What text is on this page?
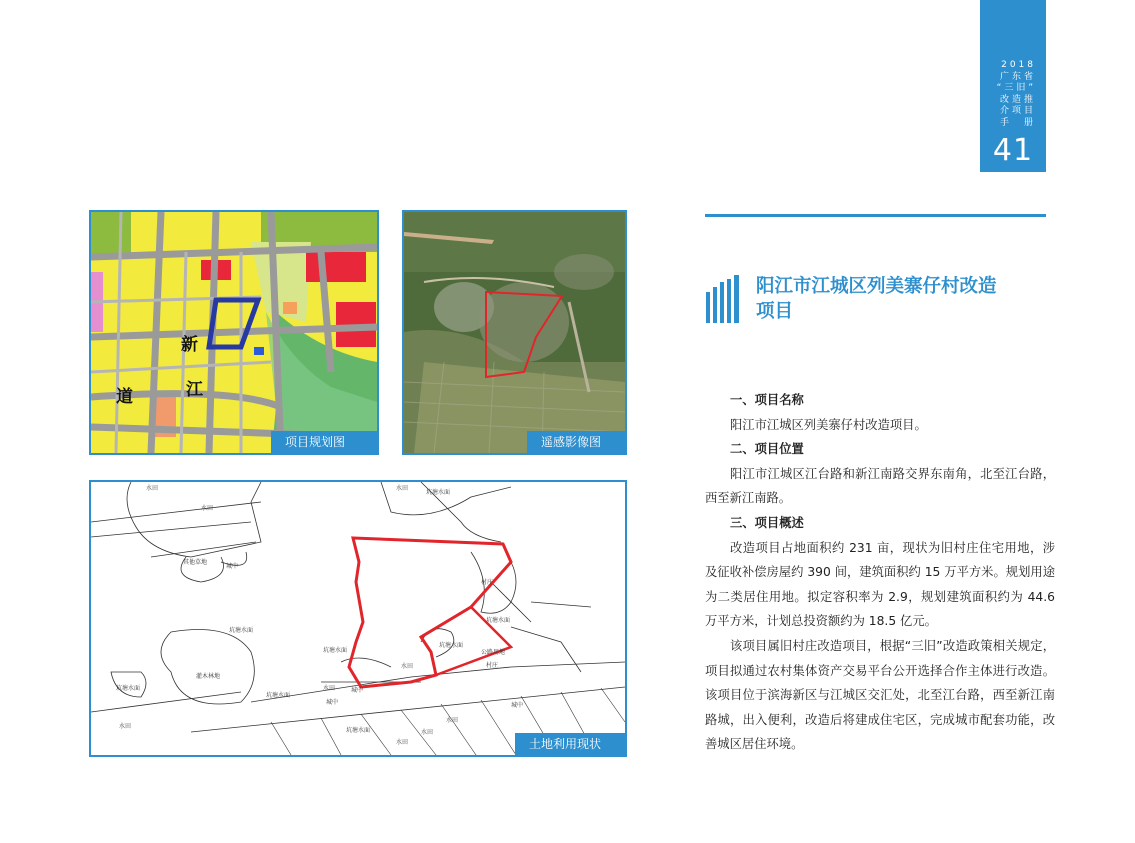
2018
广东省
“三旧”
改造推
介项目
手　册
41
阳江市江城区列美寨仔村改造
项目
一、项目名称
阳江市江城区列美寨仔村改造项目。
二、项目位置
阳江市江城区江台路和新江南路交界东南角，北至江台路，西至新江南路。
三、项目概述
改造项目占地面积约 231 亩，现状为旧村庄住宅用地，涉及征收补偿房屋约 390 间，建筑面积约 15 万平方米。规划用途为二类居住用地。拟定容积率为 2.9，规划建筑面积约为 44.6 万平方米，计划总投资额约为 18.5 亿元。
该项目属旧村庄改造项目，根据“三旧”改造政策相关规定，项目拟通过农村集体资产交易平台公开选择合作主体进行改造。该项目位于滨海新区与江城区交汇处，北至江台路，西至新江南路城，出入便利，改造后将建成住宅区，完成城市配套功能，改善城区居住环境。
新
道	江
项目规划图	遥感影像图
水田
水田
坑塘水面
水田
其他草地
城中
坑塘水面
坑塘水面
坑塘水面
水田
公路用地
村庄
灌木林地
坑塘水面
坑塘水面
水田	城中
城中
坑塘水面
水田
水田
水田
坑塘水面
水田
城中
村庄
土地利用现状图
